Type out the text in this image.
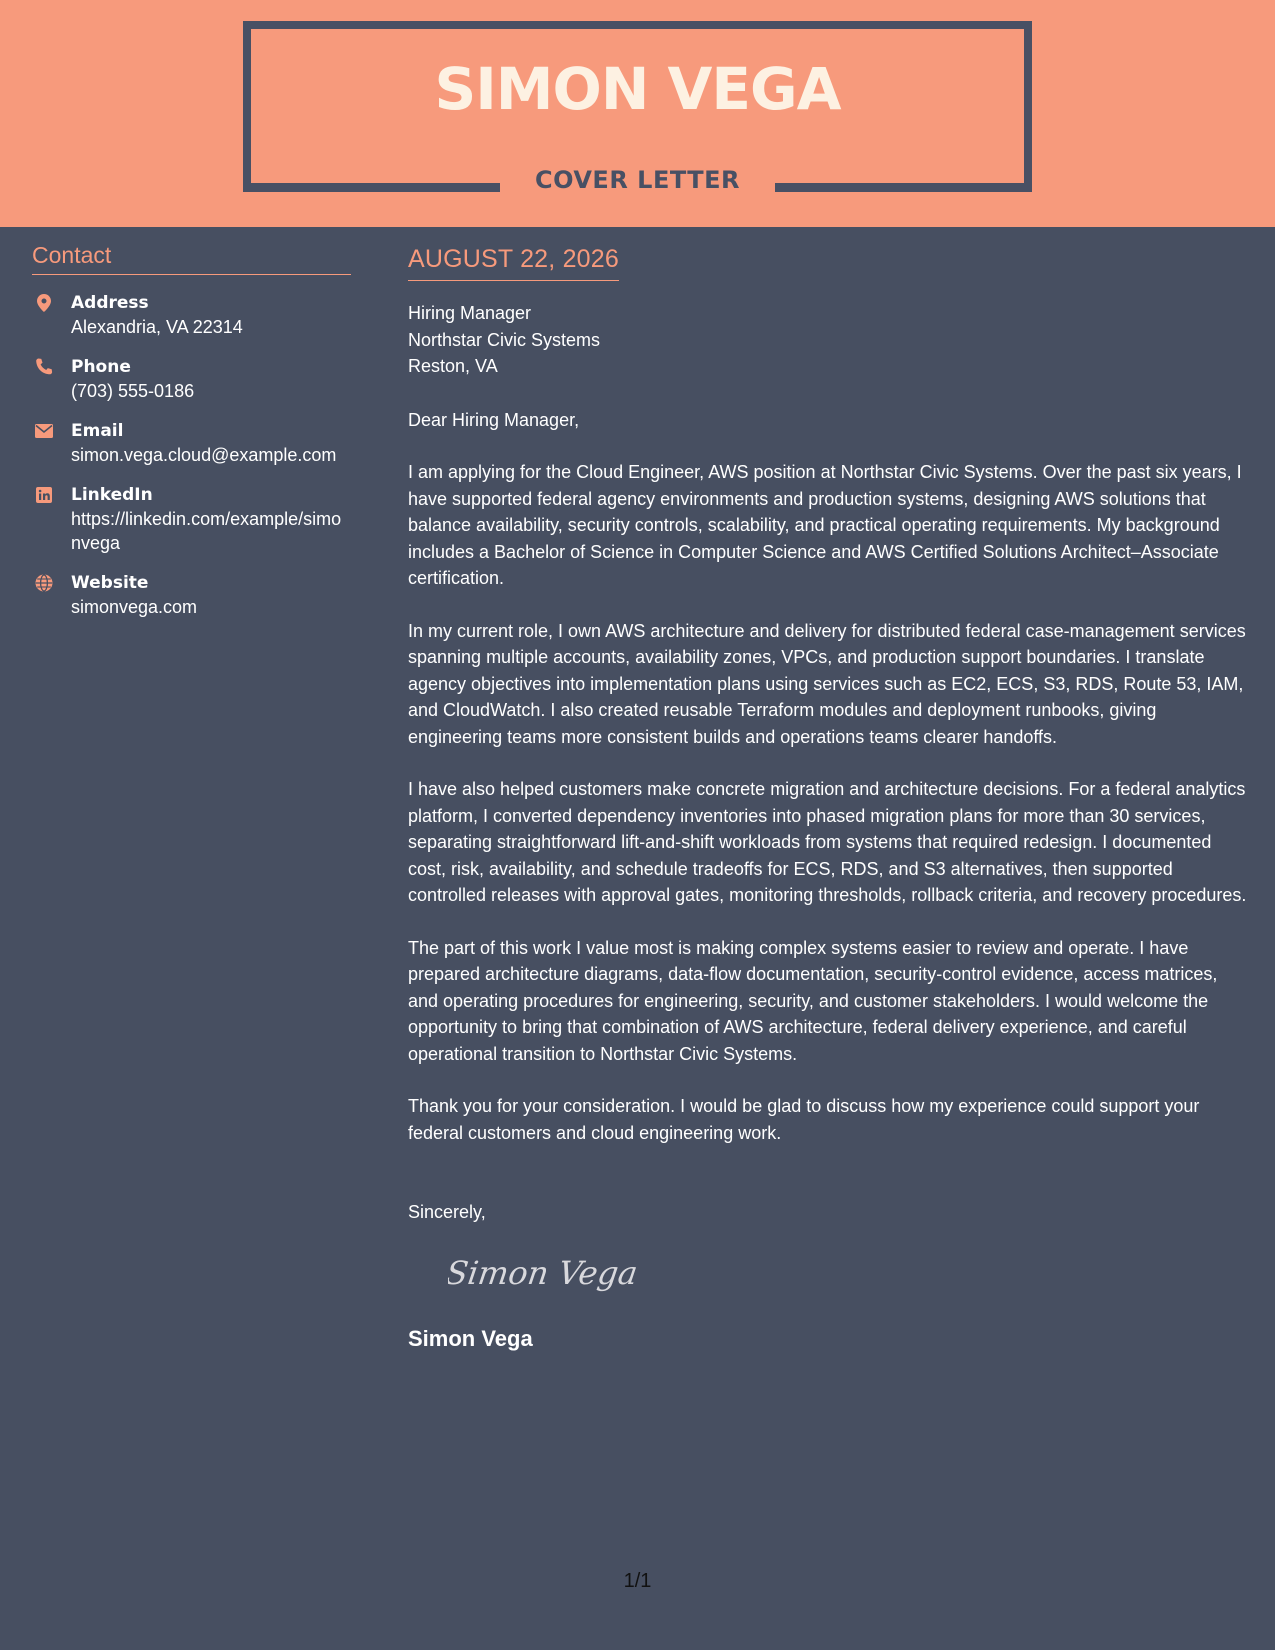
SIMON VEGA
COVER LETTER
Contact
Address
Alexandria, VA 22314
Phone
(703) 555-0186
Email
simon.vega.cloud@example.com
LinkedIn
https://linkedin.com/example/simonvega
Website
simonvega.com
AUGUST 22, 2026
Hiring Manager
Northstar Civic Systems
Reston, VA
Dear Hiring Manager,

I am applying for the Cloud Engineer, AWS position at Northstar Civic Systems. Over the past six years, I have supported federal agency environments and production systems, designing AWS solutions that balance availability, security controls, scalability, and practical operating requirements. My background includes a Bachelor of Science in Computer Science and AWS Certified Solutions Architect–Associate certification.

In my current role, I own AWS architecture and delivery for distributed federal case-management services spanning multiple accounts, availability zones, VPCs, and production support boundaries. I translate agency objectives into implementation plans using services such as EC2, ECS, S3, RDS, Route 53, IAM, and CloudWatch. I also created reusable Terraform modules and deployment runbooks, giving engineering teams more consistent builds and operations teams clearer handoffs.

I have also helped customers make concrete migration and architecture decisions. For a federal analytics platform, I converted dependency inventories into phased migration plans for more than 30 services, separating straightforward lift-and-shift workloads from systems that required redesign. I documented cost, risk, availability, and schedule tradeoffs for ECS, RDS, and S3 alternatives, then supported controlled releases with approval gates, monitoring thresholds, rollback criteria, and recovery procedures.

The part of this work I value most is making complex systems easier to review and operate. I have prepared architecture diagrams, data-flow documentation, security-control evidence, access matrices, and operating procedures for engineering, security, and customer stakeholders. I would welcome the opportunity to bring that combination of AWS architecture, federal delivery experience, and careful operational transition to Northstar Civic Systems.

Thank you for your consideration. I would be glad to discuss how my experience could support your federal customers and cloud engineering work.

Sincerely,
Simon Vega
Simon Vega
1/1
